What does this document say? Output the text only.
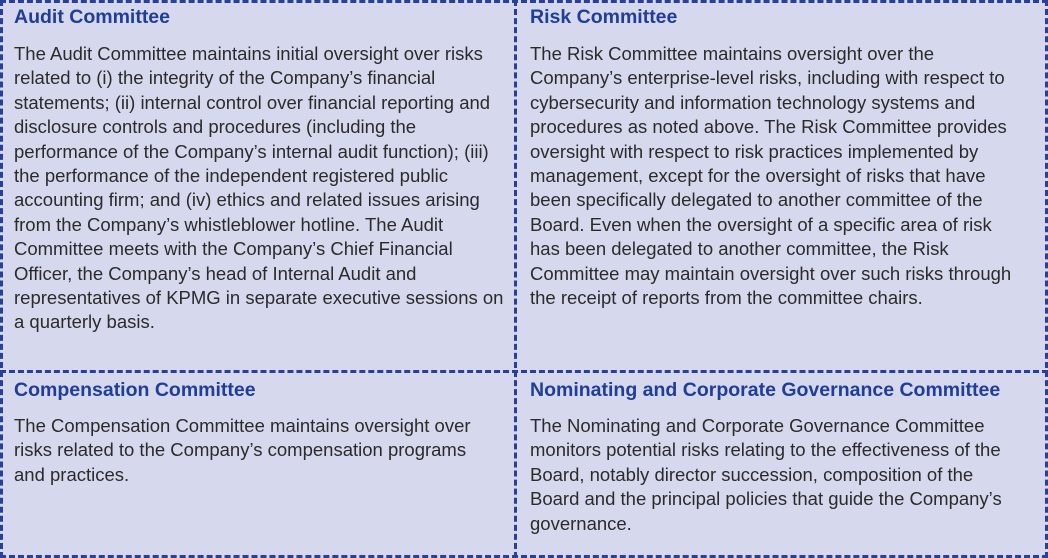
Audit Committee

The Audit Committee maintains initial oversight over risks related to (i) the integrity of the Company’s financial statements; (ii) internal control over financial reporting and disclosure controls and procedures (including the performance of the Company’s internal audit function); (iii) the performance of the independent registered public accounting firm; and (iv) ethics and related issues arising from the Company’s whistleblower hotline. The Audit Committee meets with the Company’s Chief Financial Officer, the Company’s head of Internal Audit and representatives of KPMG in separate executive sessions on a quarterly basis.

Risk Committee

The Risk Committee maintains oversight over the Company’s enterprise-level risks, including with respect to cybersecurity and information technology systems and procedures as noted above. The Risk Committee provides oversight with respect to risk practices implemented by management, except for the oversight of risks that have been specifically delegated to another committee of the Board. Even when the oversight of a specific area of risk has been delegated to another committee, the Risk Committee may maintain oversight over such risks through the receipt of reports from the committee chairs.

Compensation Committee

The Compensation Committee maintains oversight over risks related to the Company’s compensation programs and practices.

Nominating and Corporate Governance Committee

The Nominating and Corporate Governance Committee monitors potential risks relating to the effectiveness of the Board, notably director succession, composition of the Board and the principal policies that guide the Company’s governance.
